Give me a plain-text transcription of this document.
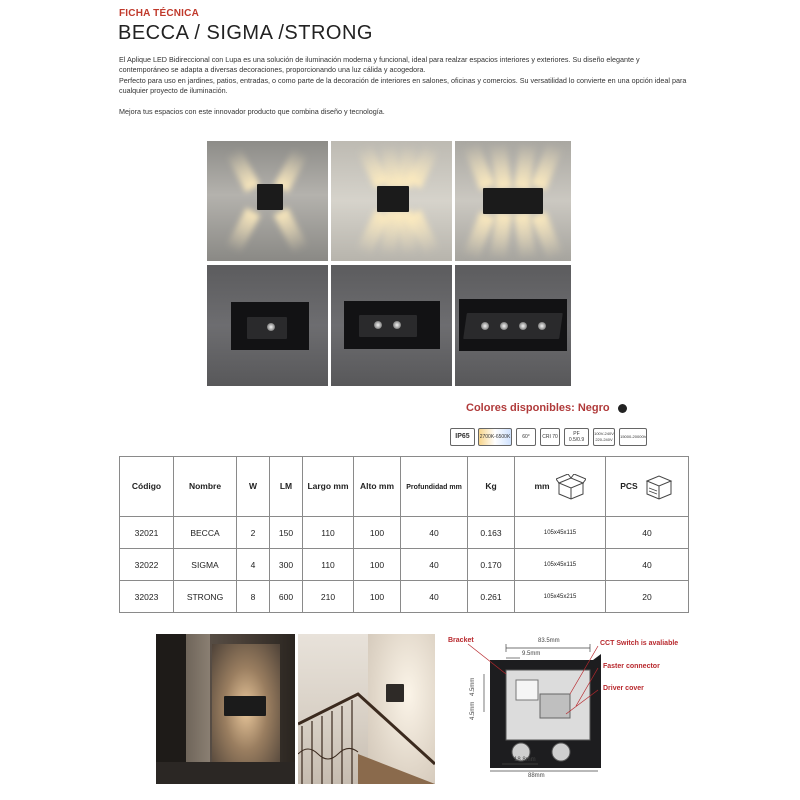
FICHA TÉCNICA
BECCA / SIGMA /STRONG

El Aplique LED Bidireccional con Lupa es una solución de iluminación moderna y funcional, ideal para realzar espacios interiores y exteriores. Su diseño elegante y contemporáneo se adapta a diversas decoraciones, proporcionando una luz cálida y acogedora.

Perfecto para uso en jardines, patios, entradas, o como parte de la decoración de interiores en salones, oficinas y comercios. Su versatilidad lo convierte en una opción ideal para cualquier proyecto de iluminación.

Mejora tus espacios con este innovador producto que combina diseño y tecnología.

Colores disponibles: Negro
IP65	2700K-6500K	60°	CRI 70	PF 0.5/0.9
100V-240V 220-240V
15000-20000h
Código	Nombre	W	LM	Largo mm	Alto mm	Profundidad mm	Kg	mm	PCS

32021	BECCA	2	150	110	100	40	0.163	105x45x115	40
32022	SIGMA	4	300	110	100	40	0.170	105x45x115	40
32023	STRONG	8	600	210	100	40	0.261	105x45x215	20
Bracket	CCT Switch is avaliable
Faster connector
Driver cover
83.5mm
9.5mm
4.5mm
4.5mm
18.8mm
88mm
